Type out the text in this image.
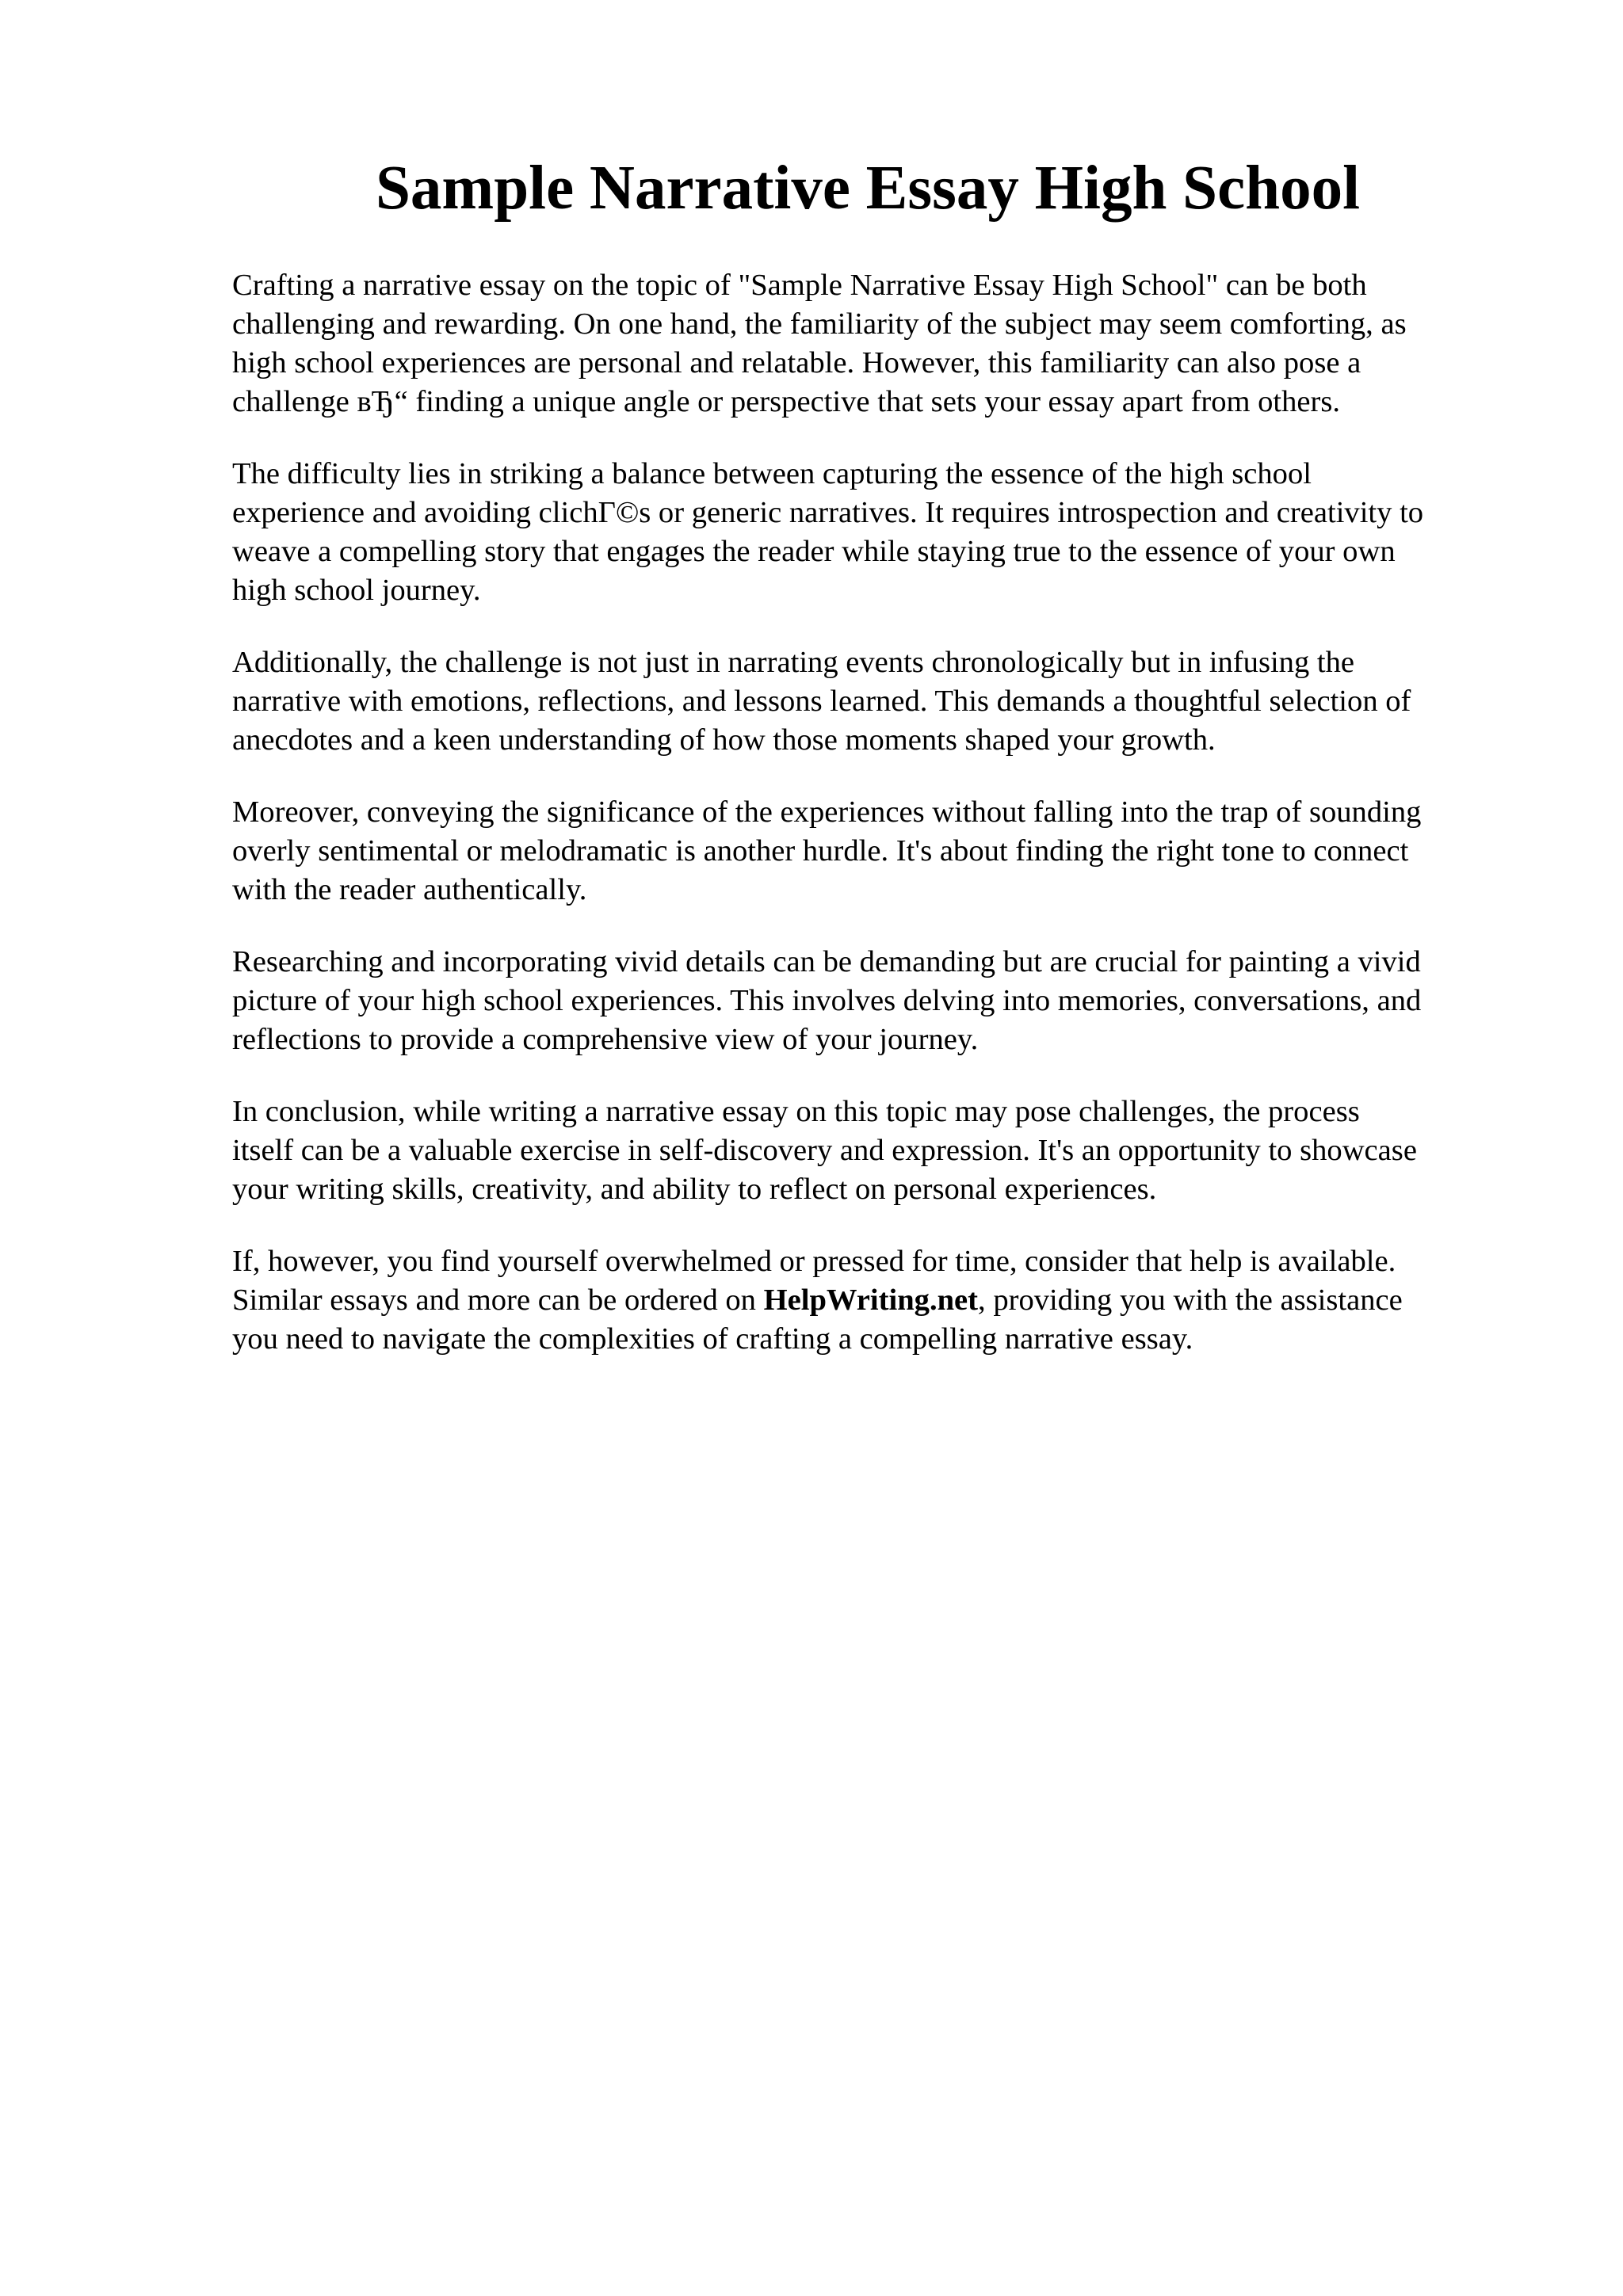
Sample Narrative Essay High School

Crafting a narrative essay on the topic of "Sample Narrative Essay High School" can be both
challenging and rewarding. On one hand, the familiarity of the subject may seem comforting, as
high school experiences are personal and relatable. However, this familiarity can also pose a
challenge вЂ“ finding a unique angle or perspective that sets your essay apart from others.

The difficulty lies in striking a balance between capturing the essence of the high school
experience and avoiding clichГ©s or generic narratives. It requires introspection and creativity to
weave a compelling story that engages the reader while staying true to the essence of your own
high school journey.

Additionally, the challenge is not just in narrating events chronologically but in infusing the
narrative with emotions, reflections, and lessons learned. This demands a thoughtful selection of
anecdotes and a keen understanding of how those moments shaped your growth.

Moreover, conveying the significance of the experiences without falling into the trap of sounding
overly sentimental or melodramatic is another hurdle. It's about finding the right tone to connect
with the reader authentically.

Researching and incorporating vivid details can be demanding but are crucial for painting a vivid
picture of your high school experiences. This involves delving into memories, conversations, and
reflections to provide a comprehensive view of your journey.

In conclusion, while writing a narrative essay on this topic may pose challenges, the process
itself can be a valuable exercise in self-discovery and expression. It's an opportunity to showcase
your writing skills, creativity, and ability to reflect on personal experiences.

If, however, you find yourself overwhelmed or pressed for time, consider that help is available.
Similar essays and more can be ordered on HelpWriting.net, providing you with the assistance
you need to navigate the complexities of crafting a compelling narrative essay.
